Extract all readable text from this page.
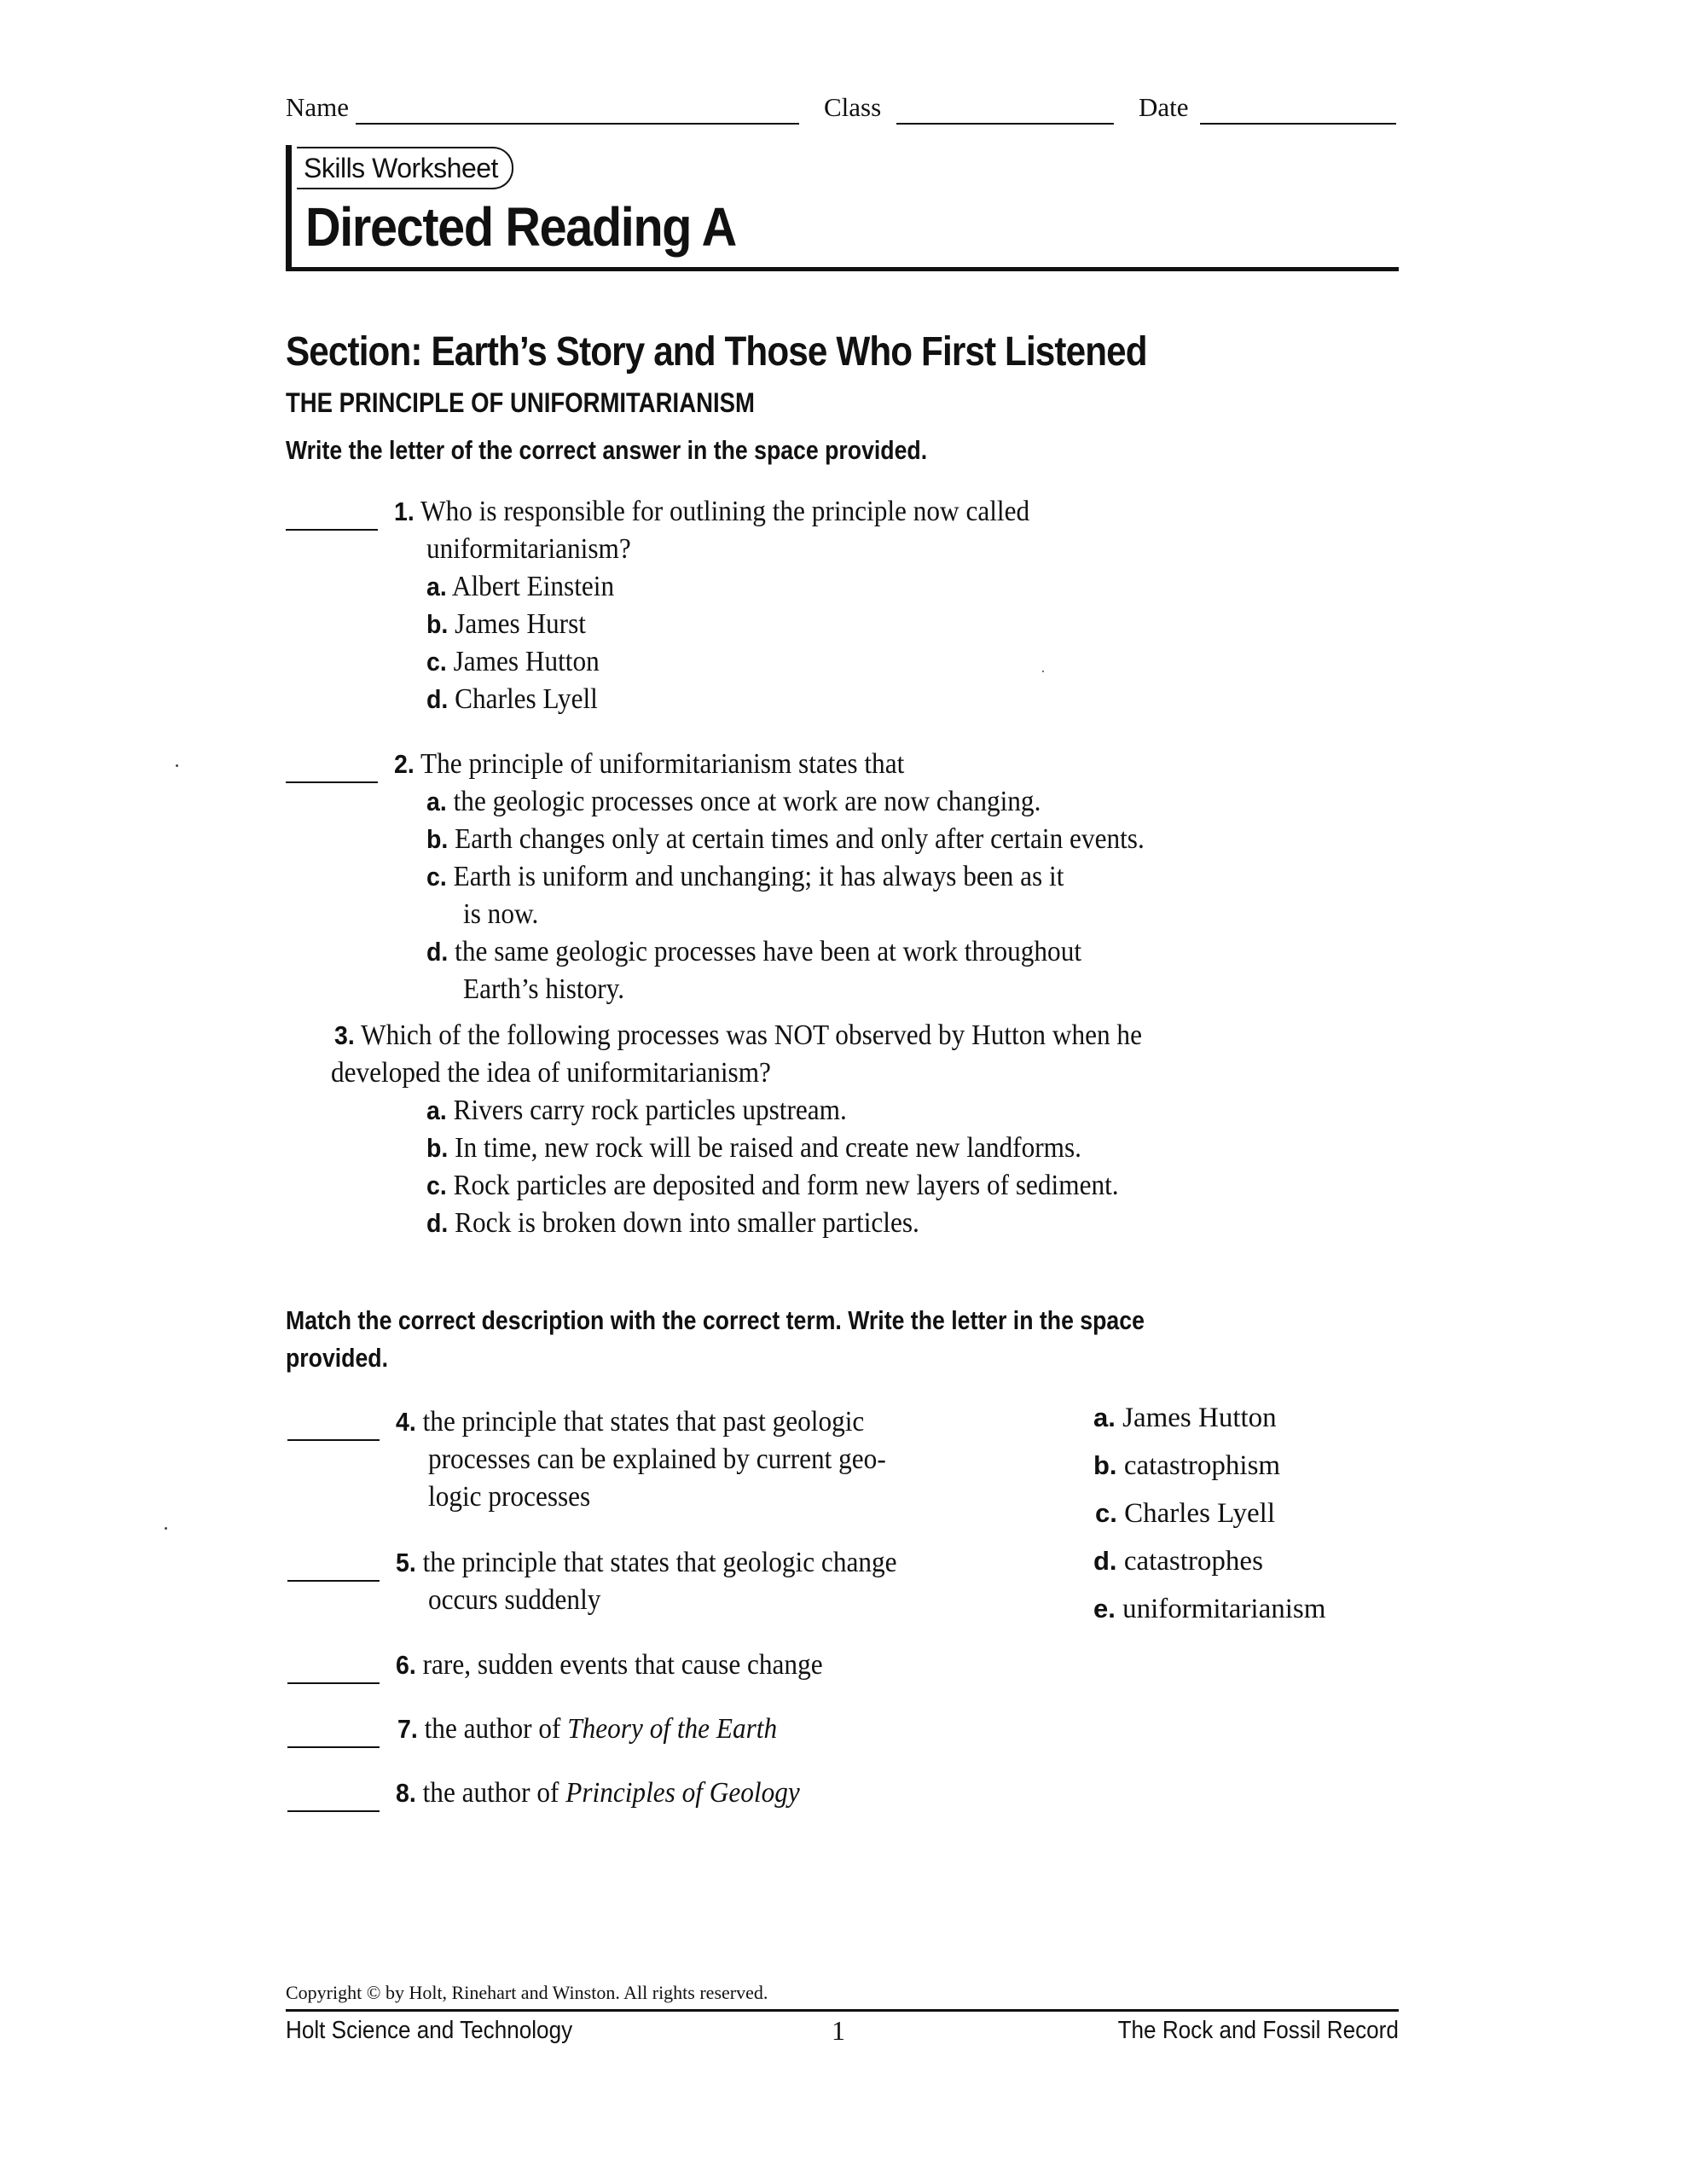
Name	Class	Date
Skills Worksheet
Directed Reading A
Section: Earth’s Story and Those Who First Listened
THE PRINCIPLE OF UNIFORMITARIANISM
Write the letter of the correct answer in the space provided.
1. Who is responsible for outlining the principle now called
uniformitarianism?
a. Albert Einstein
b. James Hurst
c. James Hutton
d. Charles Lyell
2. The principle of uniformitarianism states that
a. the geologic processes once at work are now changing.
b. Earth changes only at certain times and only after certain events.
c. Earth is uniform and unchanging; it has always been as it
is now.
d. the same geologic processes have been at work throughout
Earth’s history.
3. Which of the following processes was NOT observed by Hutton when he
developed the idea of uniformitarianism?
a. Rivers carry rock particles upstream.
b. In time, new rock will be raised and create new landforms.
c. Rock particles are deposited and form new layers of sediment.
d. Rock is broken down into smaller particles.
Match the correct description with the correct term. Write the letter in the space
provided.
4. the principle that states that past geologic
processes can be explained by current geo-
logic processes
5. the principle that states that geologic change
occurs suddenly
6. rare, sudden events that cause change
7. the author of Theory of the Earth
8. the author of Principles of Geology
a. James Hutton
b. catastrophism
c. Charles Lyell
d. catastrophes
e. uniformitarianism
Copyright © by Holt, Rinehart and Winston. All rights reserved.
Holt Science and Technology	1	The Rock and Fossil Record
